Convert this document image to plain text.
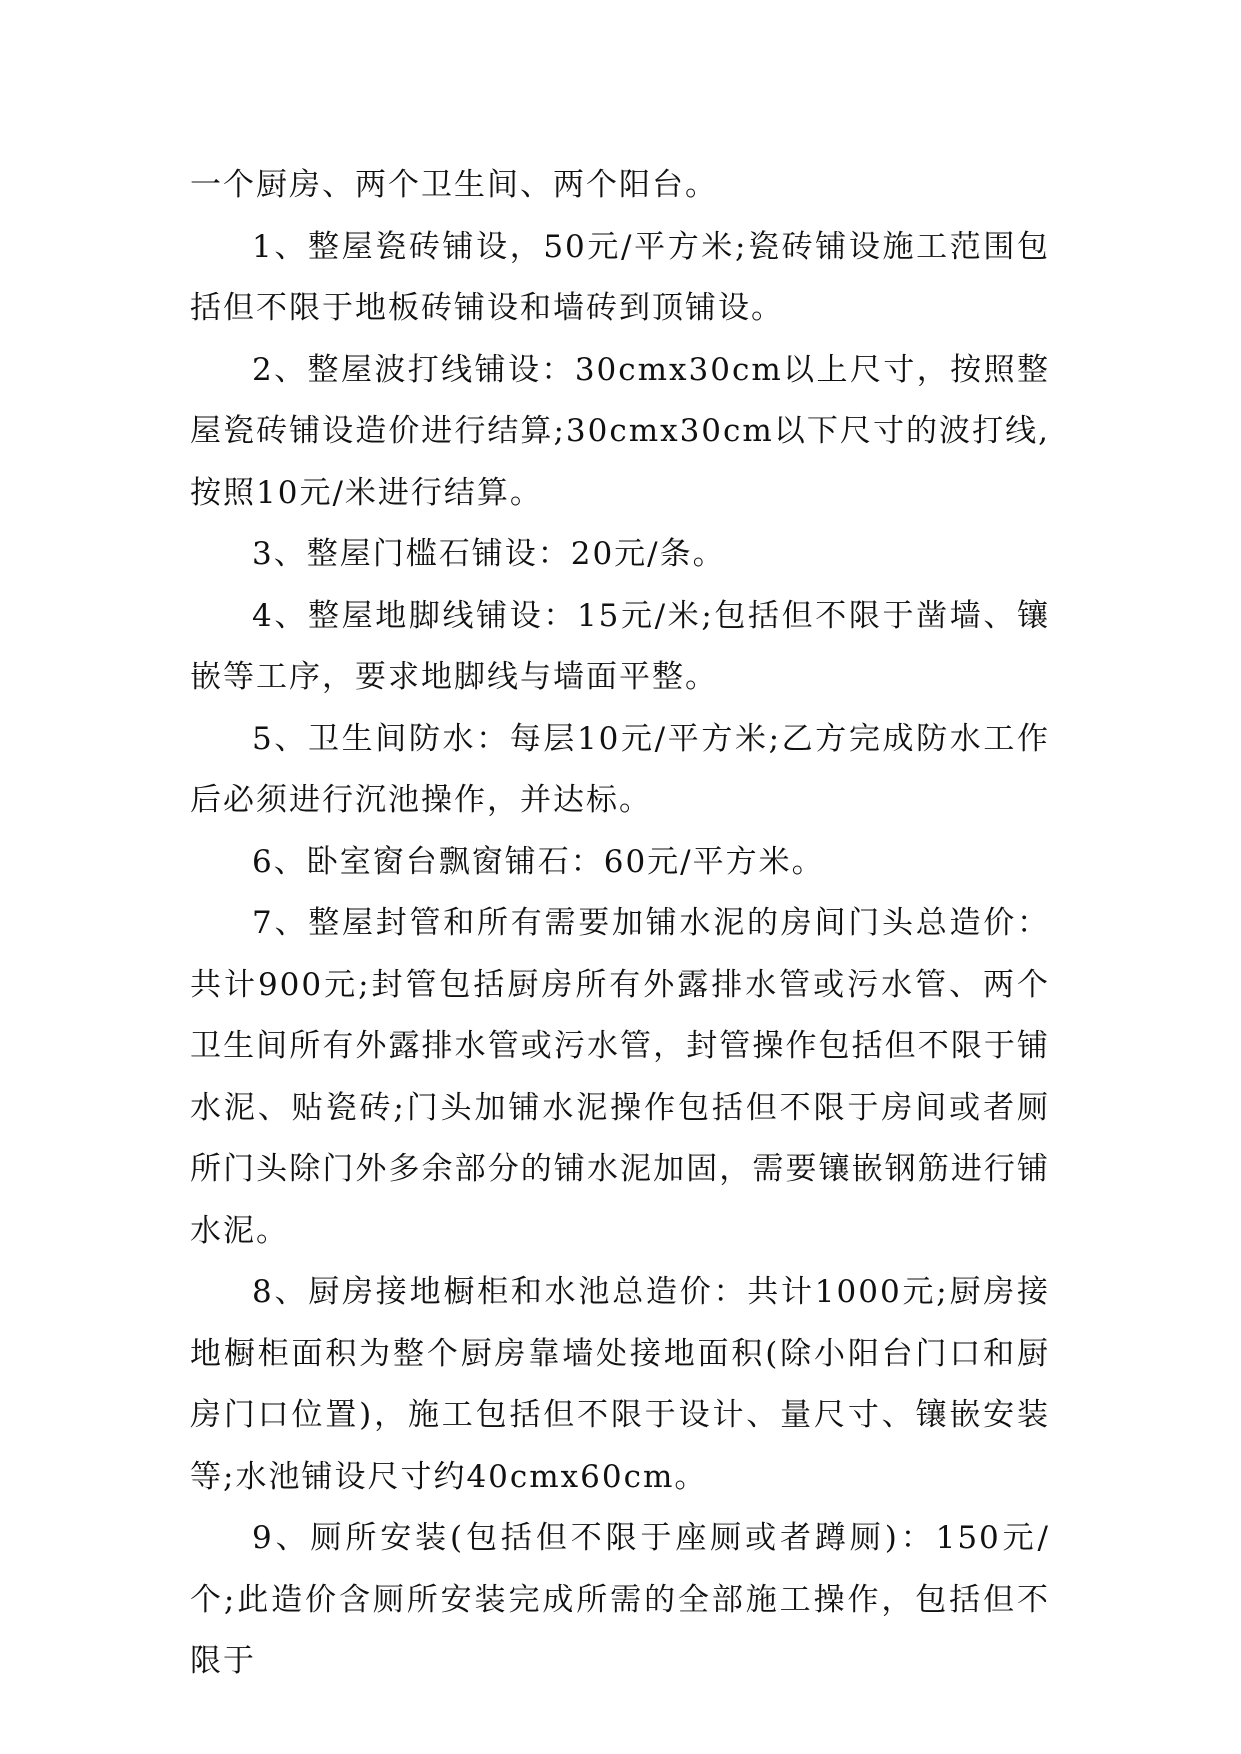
一个厨房、两个卫生间、两个阳台。

1、整屋瓷砖铺设，50元/平方米;瓷砖铺设施工范围包括但不限于地板砖铺设和墙砖到顶铺设。

2、整屋波打线铺设：30cmx30cm以上尺寸，按照整屋瓷砖铺设造价进行结算;30cmx30cm以下尺寸的波打线,按照10元/米进行结算。

3、整屋门槛石铺设：20元/条。

4、整屋地脚线铺设：15元/米;包括但不限于凿墙、镶嵌等工序，要求地脚线与墙面平整。

5、卫生间防水：每层10元/平方米;乙方完成防水工作后必须进行沉池操作，并达标。

6、卧室窗台飘窗铺石：60元/平方米。

7、整屋封管和所有需要加铺水泥的房间门头总造价：共计900元;封管包括厨房所有外露排水管或污水管、两个卫生间所有外露排水管或污水管，封管操作包括但不限于铺水泥、贴瓷砖;门头加铺水泥操作包括但不限于房间或者厕所门头除门外多余部分的铺水泥加固，需要镶嵌钢筋进行铺水泥。

8、厨房接地橱柜和水池总造价：共计1000元;厨房接地橱柜面积为整个厨房靠墙处接地面积(除小阳台门口和厨房门口位置)，施工包括但不限于设计、量尺寸、镶嵌安装等;水池铺设尺寸约40cmx60cm。

9、厕所安装(包括但不限于座厕或者蹲厕)：150元/个;此造价含厕所安装完成所需的全部施工操作，包括但不限于
